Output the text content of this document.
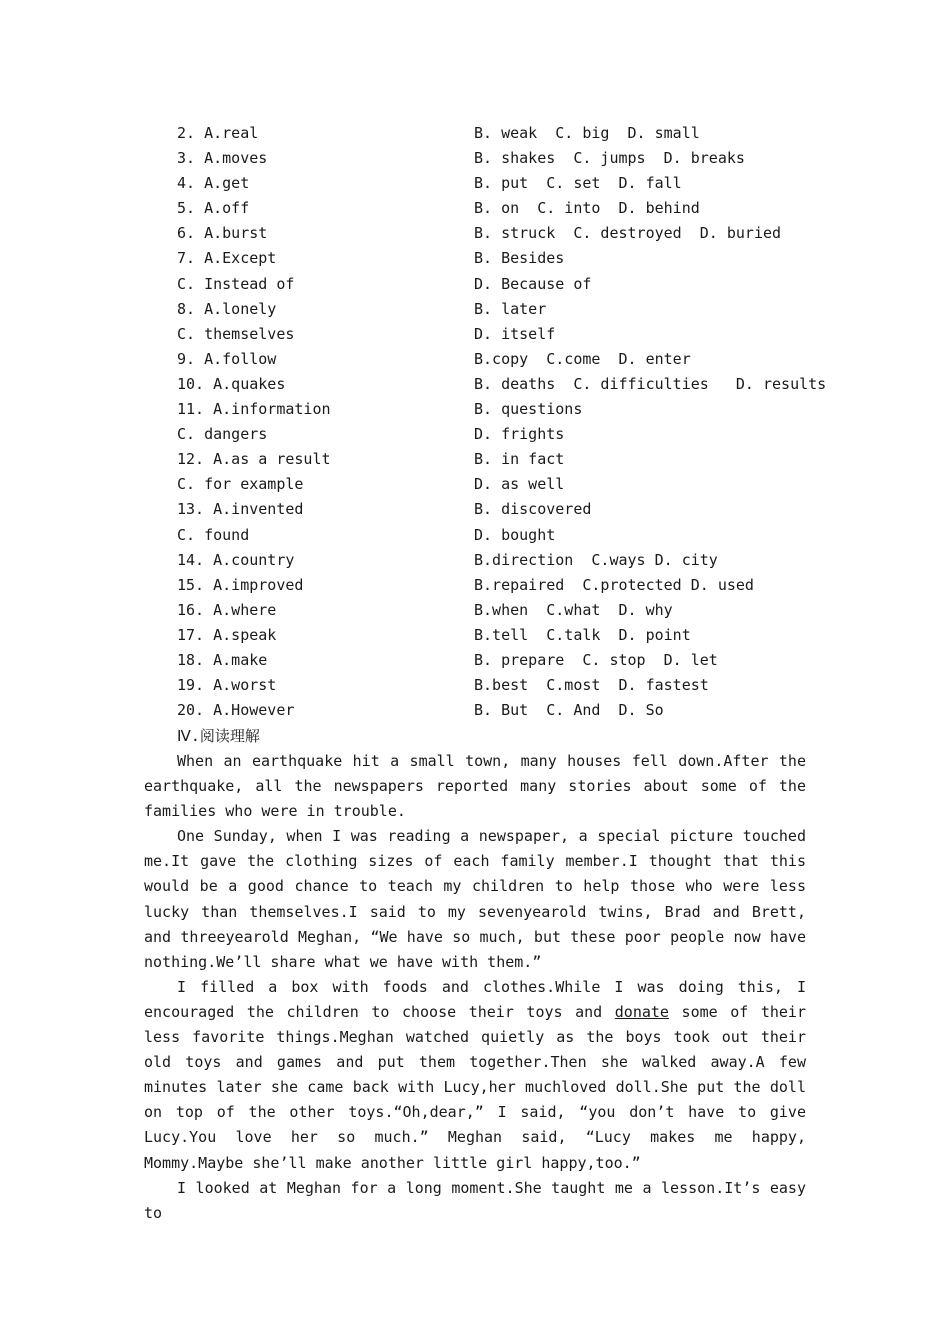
2. A.real	B. weak  C. big  D. small
3. A.moves	B. shakes  C. jumps  D. breaks
4. A.get	B. put  C. set  D. fall
5. A.off	B. on  C. into  D. behind
6. A.burst	B. struck  C. destroyed  D. buried
7. A.Except	B. Besides
C. Instead of	D. Because of
8. A.lonely	B. later
C. themselves	D. itself
9. A.follow	B.copy  C.come  D. enter
10. A.quakes	B. deaths  C. difficulties   D. results
11. A.information	B. questions
C. dangers	D. frights
12. A.as a result	B. in fact
C. for example	D. as well
13. A.invented	B. discovered
C. found	D. bought
14. A.country	B.direction  C.ways D. city
15. A.improved	B.repaired  C.protected D. used
16. A.where	B.when  C.what  D. why
17. A.speak	B.tell  C.talk  D. point
18. A.make	B. prepare  C. stop  D. let
19. A.worst	B.best  C.most  D. fastest
20. A.However	B. But  C. And  D. So
Ⅳ.阅读理解

When an earthquake hit a small town, many houses fell down.After the earthquake, all the newspapers reported many stories about some of the families who were in trouble.

One Sunday, when I was reading a newspaper, a special picture touched me.It gave the clothing sizes of each family member.I thought that this would be a good chance to teach my children to help those who were less lucky than themselves.I said to my sevenyearold twins, Brad and Brett, and threeyearold Meghan, “We have so much, but these poor people now have nothing.We’ll share what we have with them.”

I filled a box with foods and clothes.While I was doing this, I encouraged the children to choose their toys and donate some of their less favorite things.Meghan watched quietly as the boys took out their old toys and games and put them together.Then she walked away.A few minutes later she came back with Lucy,her muchloved doll.She put the doll on top of the other toys.“Oh,dear,” I said, “you don’t have to give Lucy.You love her so much.” Meghan said, “Lucy makes me happy, Mommy.Maybe she’ll make another little girl happy,too.”

I looked at Meghan for a long moment.She taught me a lesson.It’s easy to
